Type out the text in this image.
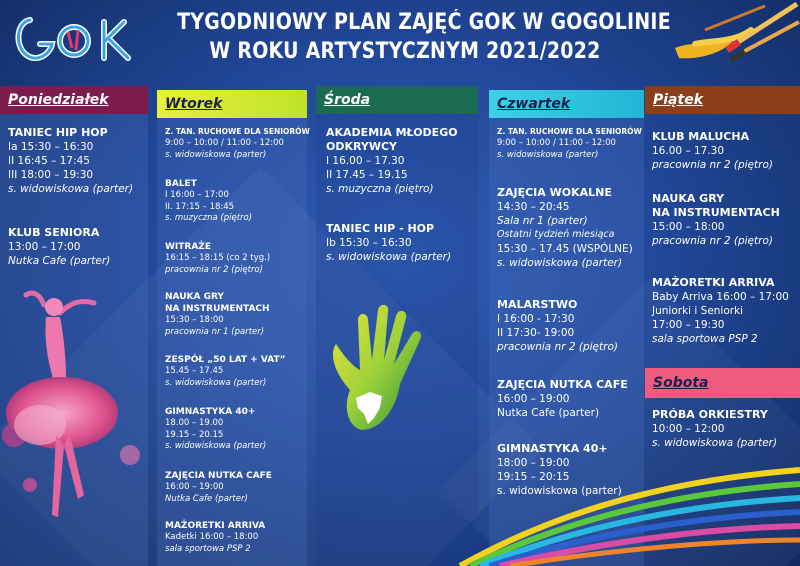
TYGODNIOWY PLAN ZAJĘĆ GOK W GOGOLINIE
W ROKU ARTYSTYCZNYM 2021/2022
Poniedziałek	Wtorek	Środa	Czwartek	Piątek
Sobota
TANIEC HIP HOP
Ia 15:30 – 16:30
II 16:45 – 17:45
III 18:00 – 19:30
s. widowiskowa (parter)
KLUB SENIORA
13:00 – 17:00
Nutka Cafe (parter)
Z. TAN. RUCHOWE DLA SENIORÓW
9:00 – 10:00 / 11:00 - 12:00
s. widowiskowa (parter)
BALET
I 16:00 – 17:00
II. 17:15 – 18:45
s. muzyczna (piętro)
WITRAŻE
16:15 – 18:15 (co 2 tyg.)
pracownia nr 2 (piętro)
NAUKA GRY
NA INSTRUMENTACH
15:30 – 18:00
pracownia nr 1 (parter)
ZESPÓŁ „50 LAT + VAT”
15.45 – 17.45
s. widowiskowa (parter)
GIMNASTYKA 40+
18.00 – 19.00
19.15 – 20.15
s. widowiskowa (parter)
ZAJĘCIA NUTKA CAFE
16:00 – 19:00
Nutka Cafe (parter)
MAŻORETKI ARRIVA
Kadetki 16:00 – 18:00
sala sportowa PSP 2
AKADEMIA MŁODEGO
ODKRYWCY
I 16.00 – 17.30
II 17.45 – 19.15
s. muzyczna (piętro)
TANIEC HIP - HOP
Ib 15:30 – 16:30
s. widowiskowa (parter)
Z. TAN. RUCHOWE DLA SENIORÓW
9:00 – 10:00 / 11:00 - 12:00
s. widowiskowa (parter)
ZAJĘCIA WOKALNE
14:30 – 20:45
Sala nr 1 (parter)
Ostatni tydzień miesiąca
15:30 – 17.45 (WSPÓLNE)
s. widowiskowa (parter)
MALARSTWO
I 16:00 - 17:30
II 17:30- 19:00
pracownia nr 2 (piętro)
ZAJĘCIA NUTKA CAFE
16:00 – 19:00
Nutka Cafe (parter)
GIMNASTYKA 40+
18:00 – 19:00
19:15 – 20:15
s. widowiskowa (parter)
KLUB MALUCHA
16.00 – 17.30
pracownia nr 2 (piętro)
NAUKA GRY
NA INSTRUMENTACH
15:00 – 18:00
pracownia nr 2 (piętro)
MAŻORETKI ARRIVA
Baby Arriva 16:00 – 17:00
Juniorki i Seniorki
17:00 – 19:30
sala sportowa PSP 2
PRÓBA ORKIESTRY
10:00 – 12:00
s. widowiskowa (parter)
